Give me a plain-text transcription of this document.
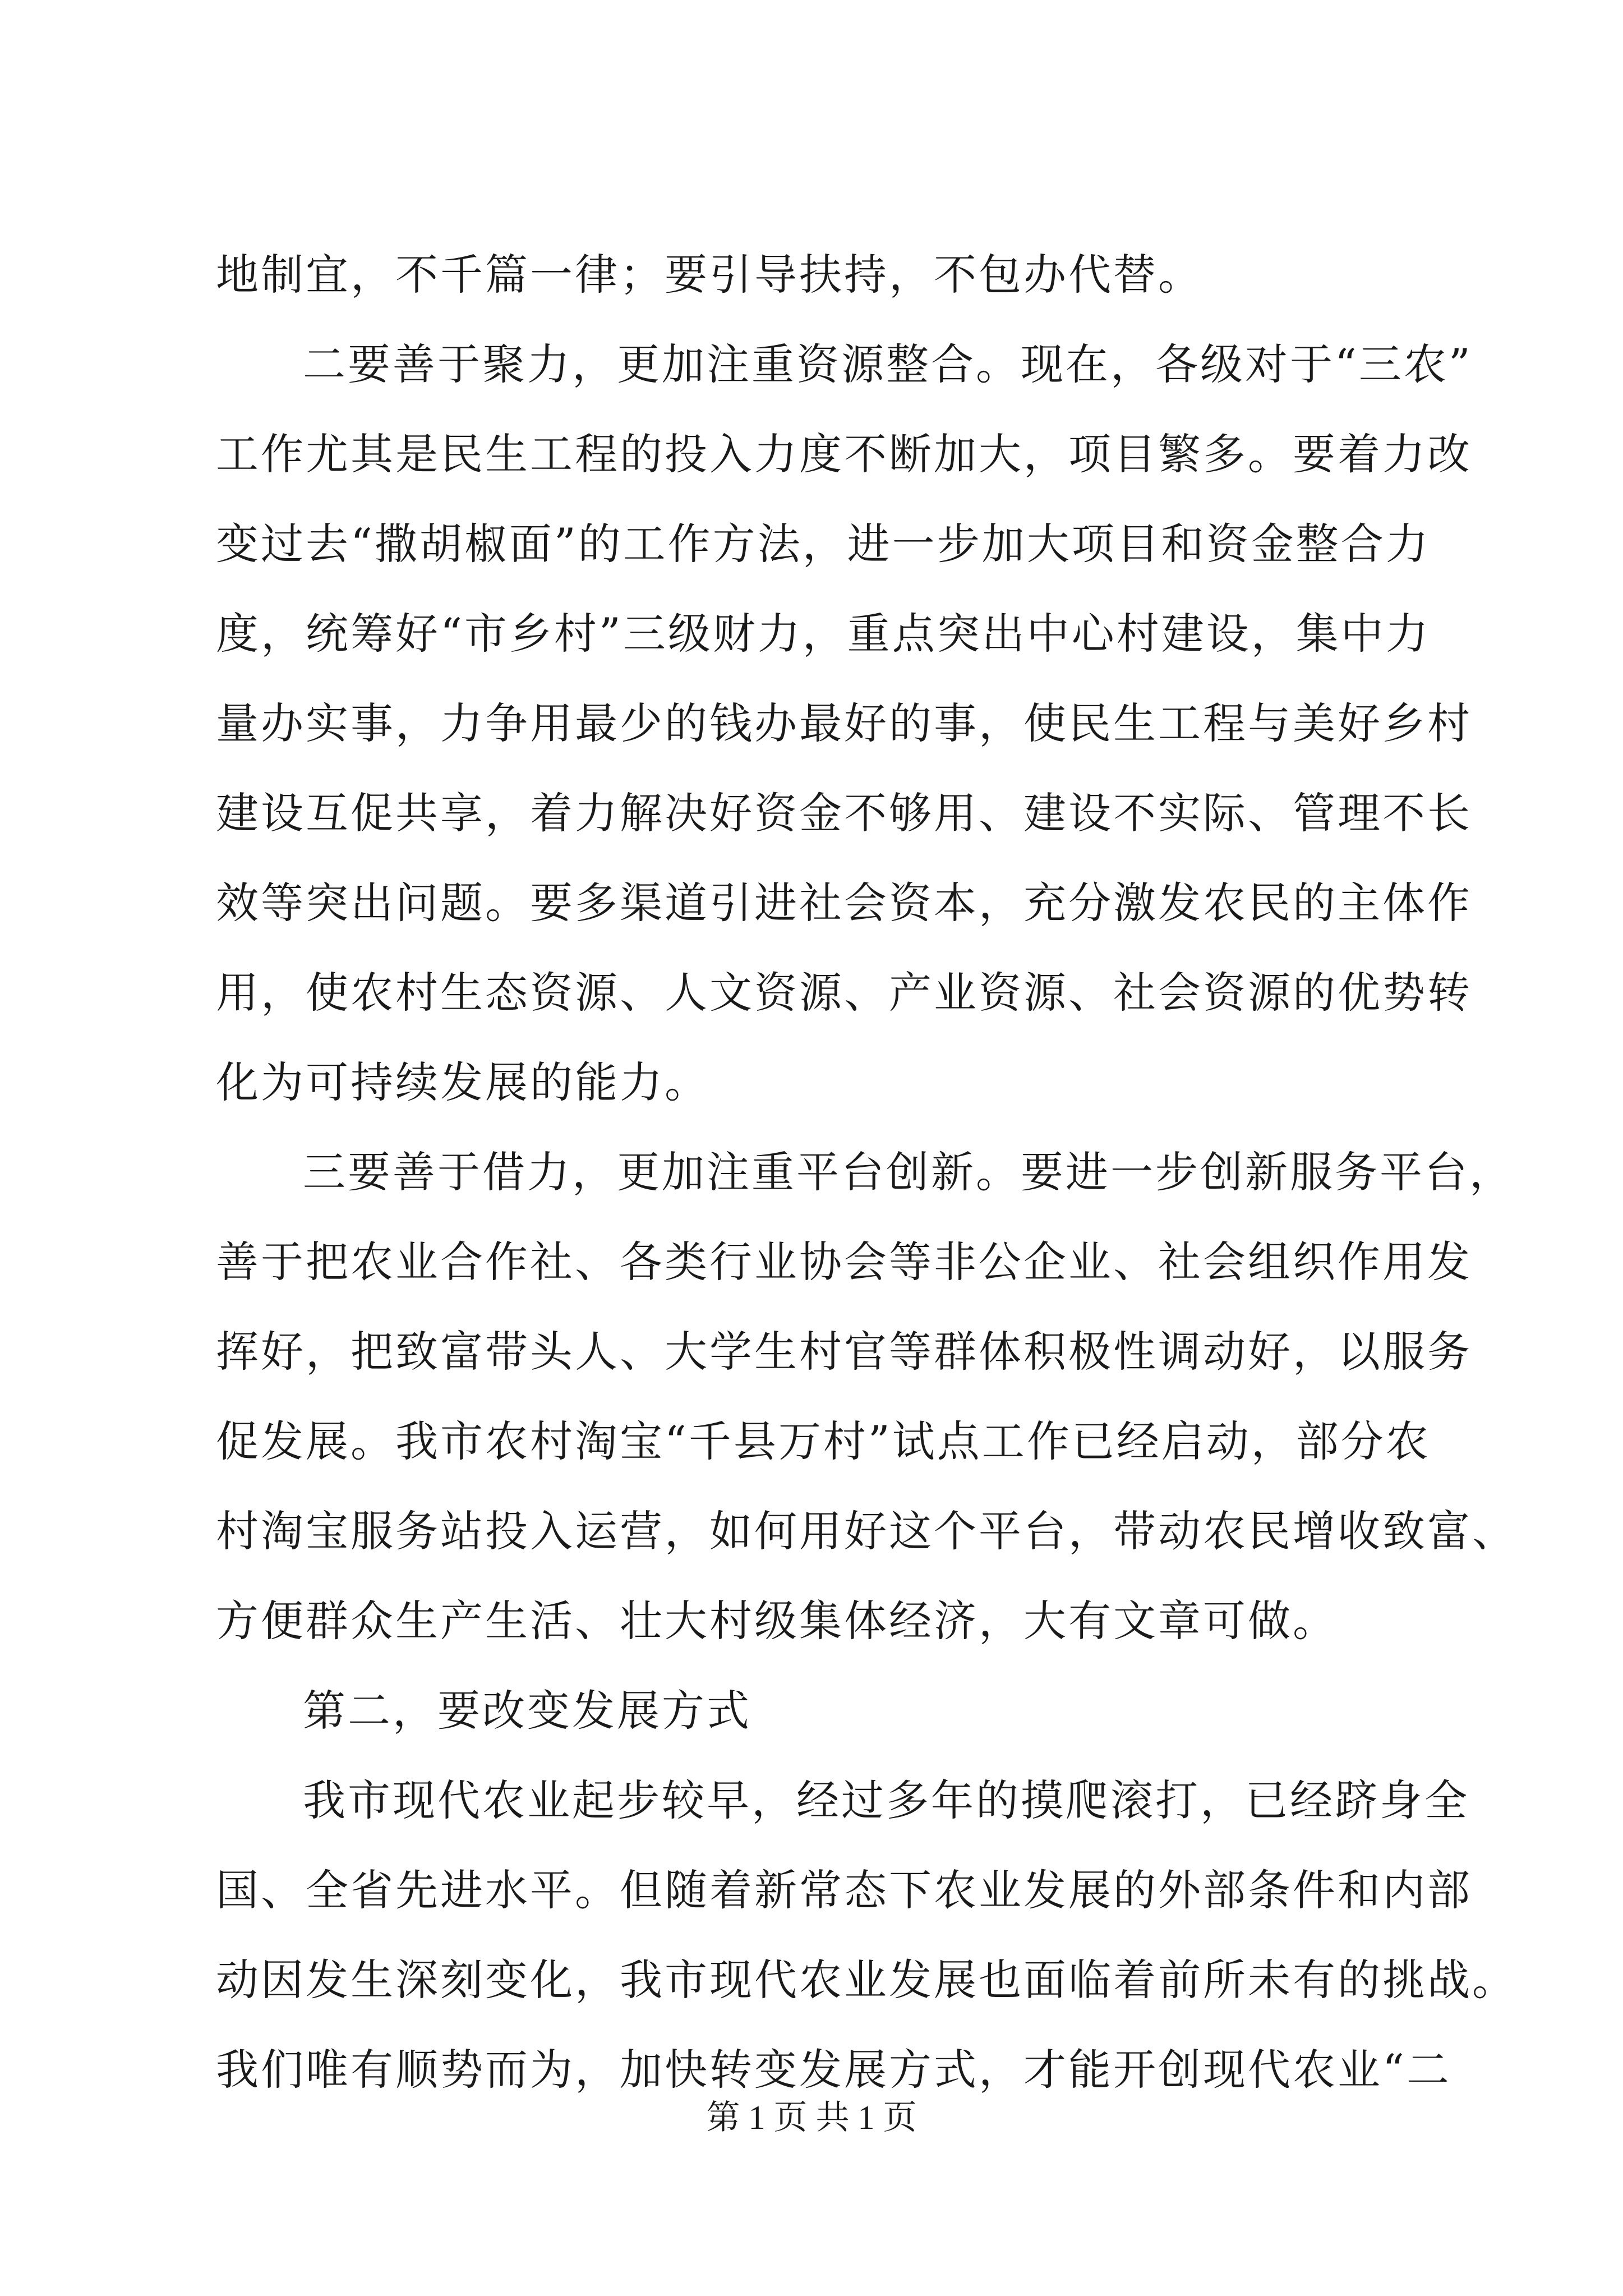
地制宜，不千篇一律；要引导扶持，不包办代替。
二要善于聚力，更加注重资源整合。现在，各级对于“三农”
工作尤其是民生工程的投入力度不断加大，项目繁多。要着力改
变过去“撒胡椒面”的工作方法，进一步加大项目和资金整合力
度，统筹好“市乡村”三级财力，重点突出中心村建设，集中力
量办实事，力争用最少的钱办最好的事，使民生工程与美好乡村
建设互促共享，着力解决好资金不够用、建设不实际、管理不长
效等突出问题。要多渠道引进社会资本，充分激发农民的主体作
用，使农村生态资源、人文资源、产业资源、社会资源的优势转
化为可持续发展的能力。
三要善于借力，更加注重平台创新。要进一步创新服务平台，
善于把农业合作社、各类行业协会等非公企业、社会组织作用发
挥好，把致富带头人、大学生村官等群体积极性调动好，以服务
促发展。我市农村淘宝“千县万村”试点工作已经启动，部分农
村淘宝服务站投入运营，如何用好这个平台，带动农民增收致富、
方便群众生产生活、壮大村级集体经济，大有文章可做。
第二，要改变发展方式
我市现代农业起步较早，经过多年的摸爬滚打，已经跻身全
国、全省先进水平。但随着新常态下农业发展的外部条件和内部
动因发生深刻变化，我市现代农业发展也面临着前所未有的挑战。
我们唯有顺势而为，加快转变发展方式，才能开创现代农业“二
第 1 页 共 1 页
